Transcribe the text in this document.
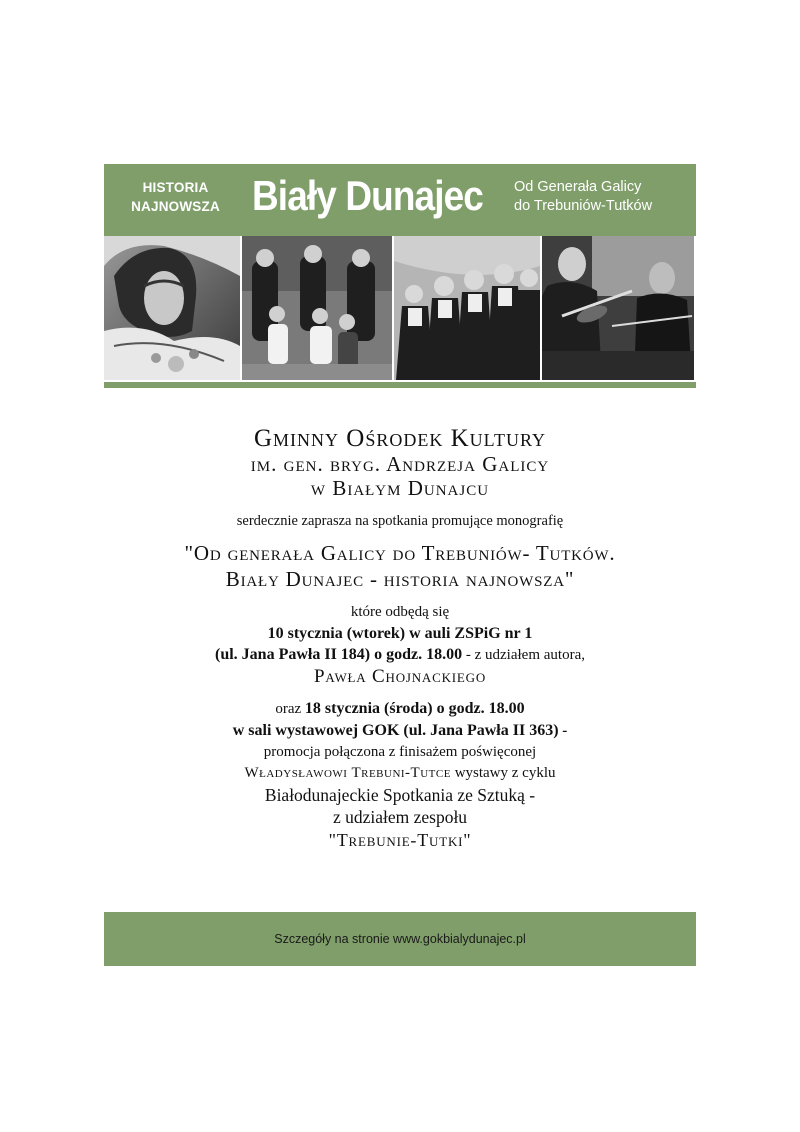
HISTORIA
NAJNOWSZA Biały Dunajec Od Generała Galicy
do Trebuniów-Tutków
Gminny Ośrodek Kultury
im. gen. bryg. Andrzeja Galicy
w Białym Dunajcu
serdecznie zaprasza na spotkania promujące monografię
"Od generała Galicy do Trebuniów- Tutków.
Biały Dunajec - historia najnowsza"
które odbędą się
10 stycznia (wtorek) w auli ZSPiG nr 1
(ul. Jana Pawła II 184) o godz. 18.00 - z udziałem autora,
Pawła Chojnackiego
oraz 18 stycznia (środa) o godz. 18.00
w sali wystawowej GOK (ul. Jana Pawła II 363) -
promocja połączona z finisażem poświęconej
Władysławowi Trebuni-Tutce wystawy z cyklu
Białodunajeckie Spotkania ze Sztuką -
z udziałem zespołu
"Trebunie-Tutki"
Szczegóły na stronie www.gokbialydunajec.pl
